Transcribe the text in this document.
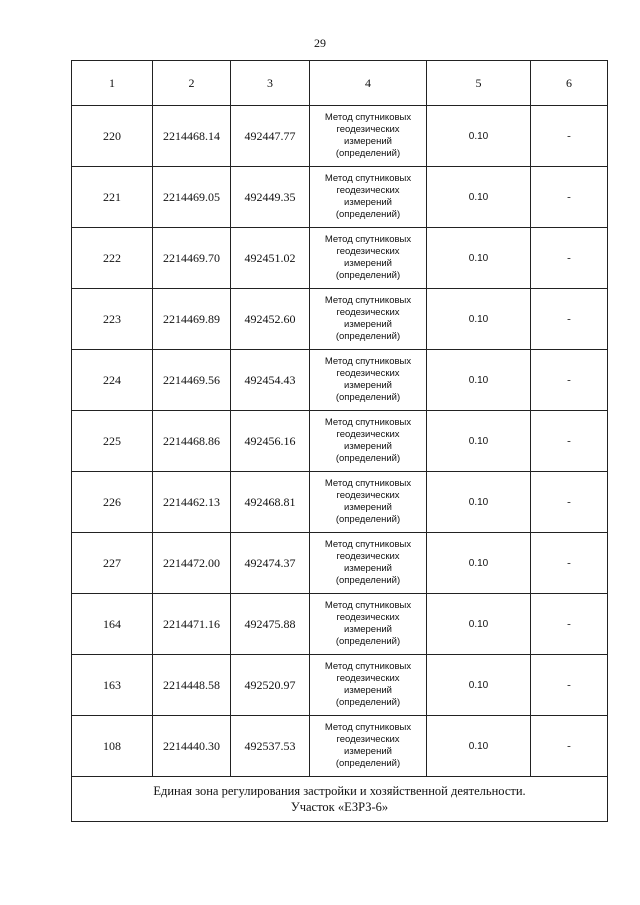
29
1	2	3	4	5	6
220	2214468.14	492447.77	Метод спутниковых
геодезических
измерений
(определений)	0.10	-
221	2214469.05	492449.35	Метод спутниковых
геодезических
измерений
(определений)	0.10	-
222	2214469.70	492451.02	Метод спутниковых
геодезических
измерений
(определений)	0.10	-
223	2214469.89	492452.60	Метод спутниковых
геодезических
измерений
(определений)	0.10	-
224	2214469.56	492454.43	Метод спутниковых
геодезических
измерений
(определений)	0.10	-
225	2214468.86	492456.16	Метод спутниковых
геодезических
измерений
(определений)	0.10	-
226	2214462.13	492468.81	Метод спутниковых
геодезических
измерений
(определений)	0.10	-
227	2214472.00	492474.37	Метод спутниковых
геодезических
измерений
(определений)	0.10	-
164	2214471.16	492475.88	Метод спутниковых
геодезических
измерений
(определений)	0.10	-
163	2214448.58	492520.97	Метод спутниковых
геодезических
измерений
(определений)	0.10	-
108	2214440.30	492537.53	Метод спутниковых
геодезических
измерений
(определений)	0.10	-

Единая зона регулирования застройки и хозяйственной деятельности.
Участок «ЕЗРЗ-6»					
